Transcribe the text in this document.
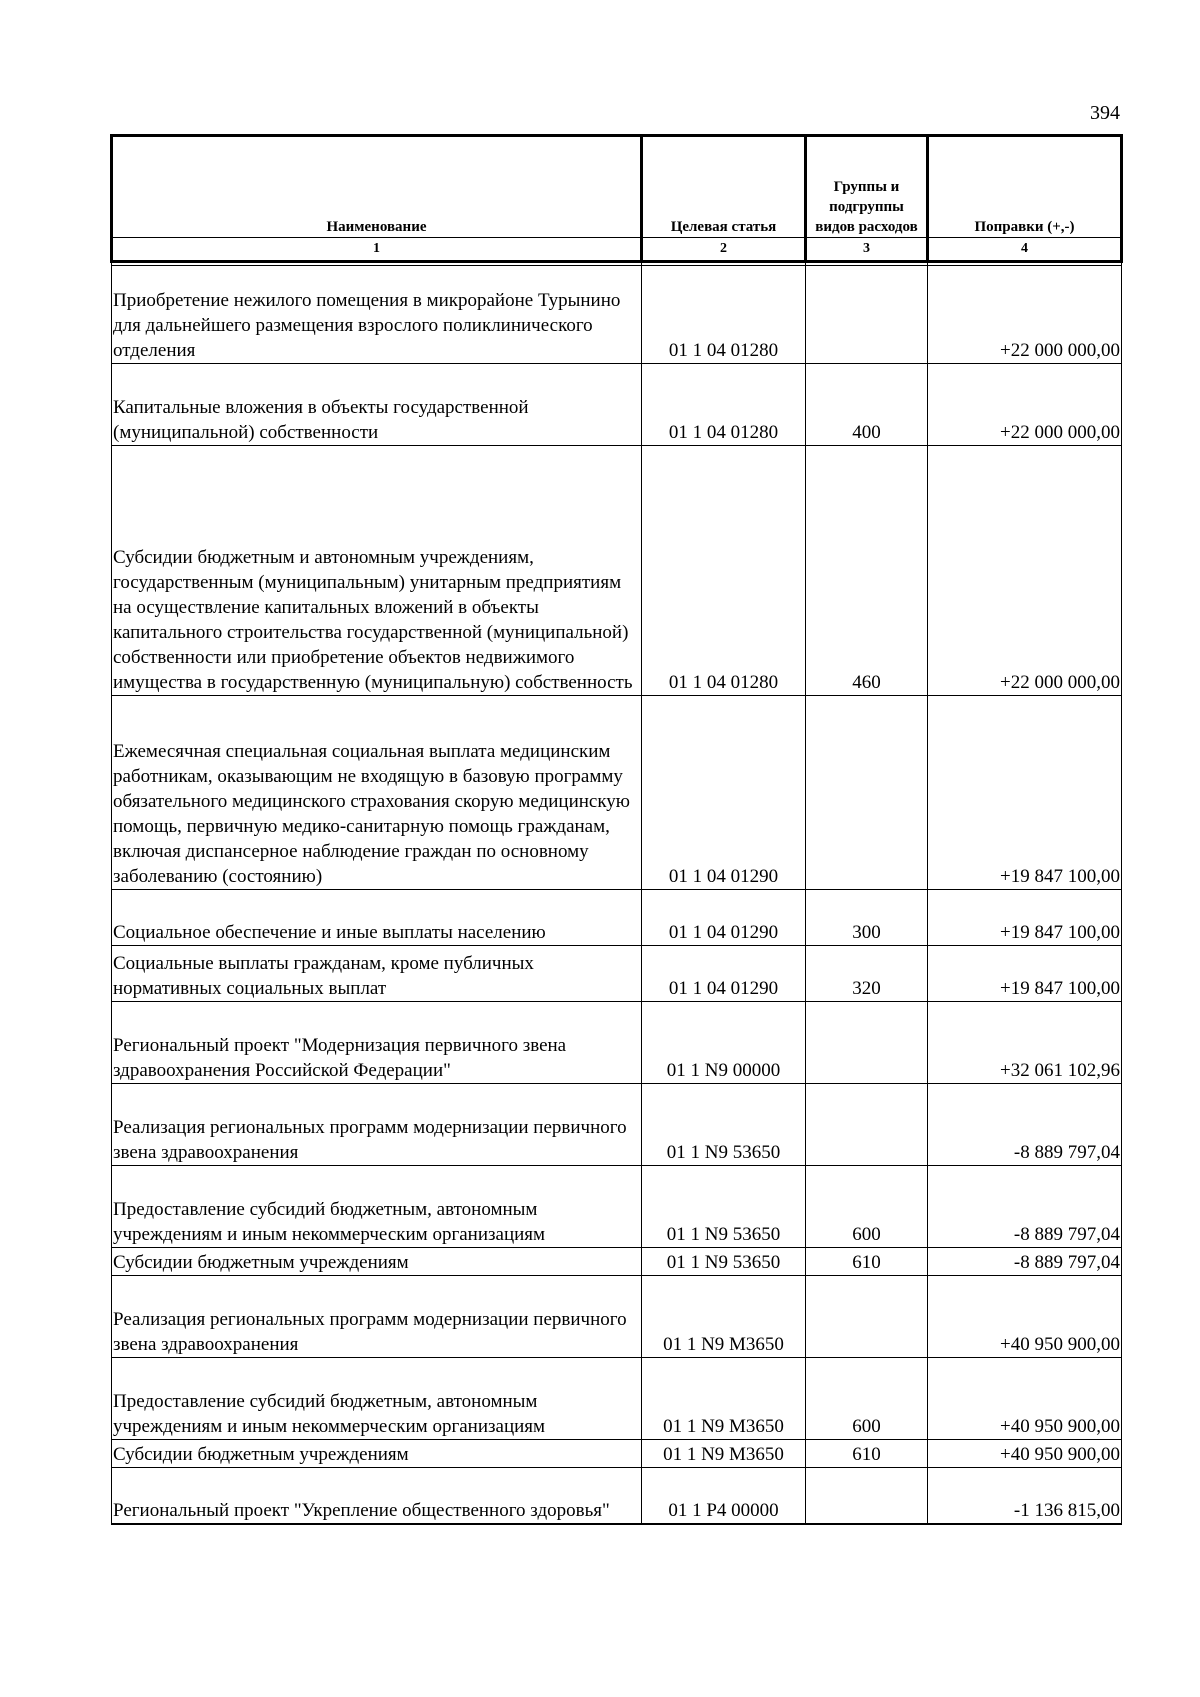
394
Наименование	Целевая статья	Группы и подгруппы видов расходов	Поправки (+,-)
1	2	3	4

Приобретение нежилого помещения в микрорайоне Турынино для дальнейшего размещения взрослого поликлинического отделения	01 1 04 01280		+22 000 000,00
Капитальные вложения в объекты государственной (муниципальной) собственности	01 1 04 01280	400	+22 000 000,00
Субсидии бюджетным и автономным учреждениям, государственным (муниципальным) унитарным предприятиям на осуществление капитальных вложений в объекты капитального строительства государственной (муниципальной) собственности или приобретение объектов недвижимого имущества в государственную (муниципальную) собственность	01 1 04 01280	460	+22 000 000,00
Ежемесячная специальная социальная выплата медицинским работникам, оказывающим не входящую в базовую программу обязательного медицинского страхования скорую медицинскую помощь, первичную медико-санитарную помощь гражданам, включая диспансерное наблюдение граждан по основному заболеванию (состоянию)	01 1 04 01290		+19 847 100,00
Социальное обеспечение и иные выплаты населению	01 1 04 01290	300	+19 847 100,00
Социальные выплаты гражданам, кроме публичных нормативных социальных выплат	01 1 04 01290	320	+19 847 100,00
Региональный проект "Модернизация первичного звена здравоохранения Российской Федерации"	01 1 N9 00000		+32 061 102,96
Реализация региональных программ модернизации первичного звена здравоохранения	01 1 N9 53650		-8 889 797,04
Предоставление субсидий бюджетным, автономным учреждениям и иным некоммерческим организациям	01 1 N9 53650	600	-8 889 797,04
Субсидии бюджетным учреждениям	01 1 N9 53650	610	-8 889 797,04
Реализация региональных программ модернизации первичного звена здравоохранения	01 1 N9 M3650		+40 950 900,00
Предоставление субсидий бюджетным, автономным учреждениям и иным некоммерческим организациям	01 1 N9 M3650	600	+40 950 900,00
Субсидии бюджетным учреждениям	01 1 N9 M3650	610	+40 950 900,00
Региональный проект "Укрепление общественного здоровья"	01 1 P4 00000		-1 136 815,00
